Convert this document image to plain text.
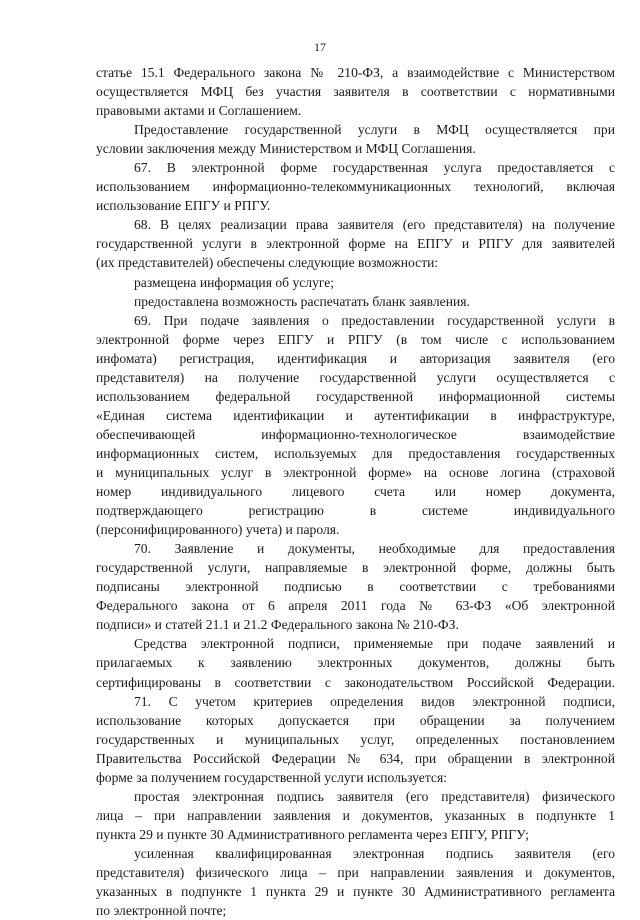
17
статье 15.1 Федерального закона № 210-ФЗ, а взаимодействие с Министерством
осуществляется МФЦ без участия заявителя в соответствии с нормативными
правовыми актами и Соглашением.
Предоставление государственной услуги в МФЦ осуществляется при
условии заключения между Министерством и МФЦ Соглашения.
67. В электронной форме государственная услуга предоставляется с
использованием информационно-телекоммуникационных технологий, включая
использование ЕПГУ и РПГУ.
68. В целях реализации права заявителя (его представителя) на получение
государственной услуги в электронной форме на ЕПГУ и РПГУ для заявителей
(их представителей) обеспечены следующие возможности:
размещена информация об услуге;
предоставлена возможность распечатать бланк заявления.
69. При подаче заявления о предоставлении государственной услуги в
электронной форме через ЕПГУ и РПГУ (в том числе с использованием
инфомата) регистрация, идентификация и авторизация заявителя (его
представителя) на получение государственной услуги осуществляется с
использованием федеральной государственной информационной системы
«Единая система идентификации и аутентификации в инфраструктуре,
обеспечивающей информационно-технологическое взаимодействие
информационных систем, используемых для предоставления государственных
и муниципальных услуг в электронной форме» на основе логина (страховой
номер индивидуального лицевого счета или номер документа,
подтверждающего регистрацию в системе индивидуального
(персонифицированного) учета) и пароля.
70. Заявление и документы, необходимые для предоставления
государственной услуги, направляемые в электронной форме, должны быть
подписаны электронной подписью в соответствии с требованиями
Федерального закона от 6 апреля 2011 года № 63-ФЗ «Об электронной
подписи» и статей 21.1 и 21.2 Федерального закона № 210-ФЗ.
Средства электронной подписи, применяемые при подаче заявлений и
прилагаемых к заявлению электронных документов, должны быть
сертифицированы в соответствии с законодательством Российской Федерации.
71. С учетом критериев определения видов электронной подписи,
использование которых допускается при обращении за получением
государственных и муниципальных услуг, определенных постановлением
Правительства Российской Федерации № 634, при обращении в электронной
форме за получением государственной услуги используется:
простая электронная подпись заявителя (его представителя) физического
лица – при направлении заявления и документов, указанных в подпункте 1
пункта 29 и пункте 30 Административного регламента через ЕПГУ, РПГУ;
усиленная квалифицированная электронная подпись заявителя (его
представителя) физического лица – при направлении заявления и документов,
указанных в подпункте 1 пункта 29 и пункте 30 Административного регламента
по электронной почте;
